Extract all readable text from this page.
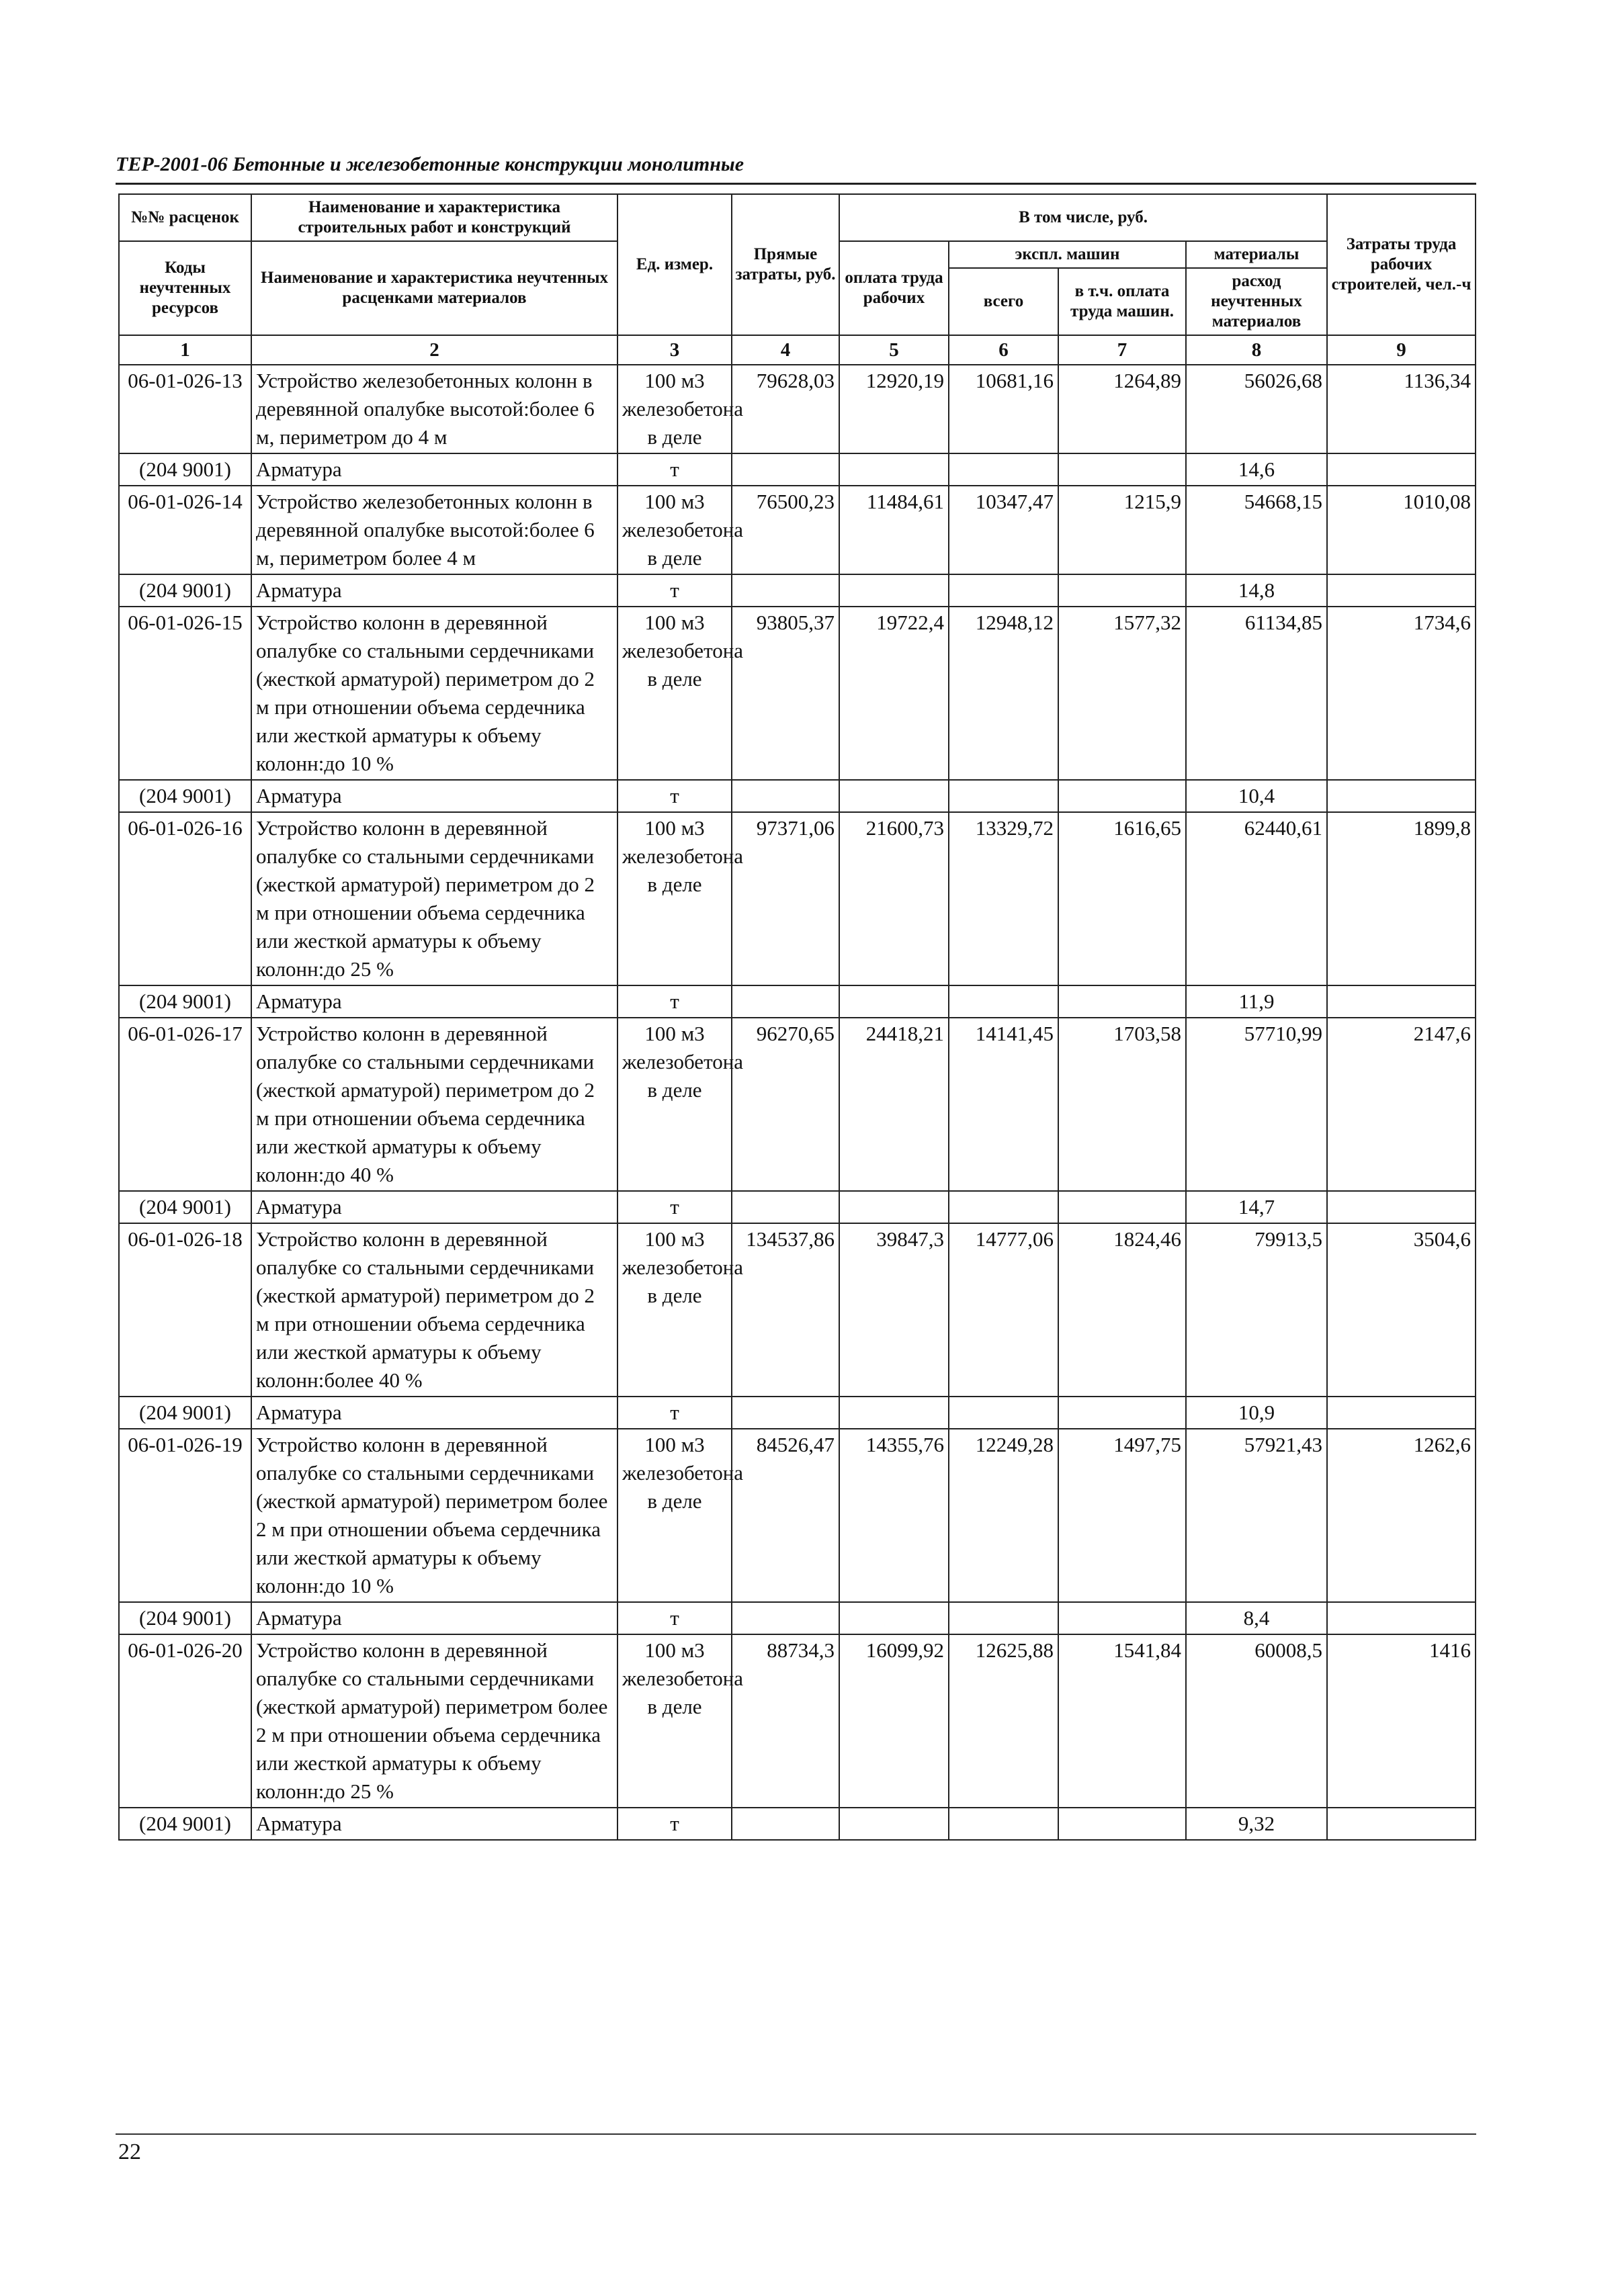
ТЕР-2001-06 Бетонные и железобетонные конструкции монолитные
№№ расценок	Наименование и характеристика строительных работ и конструкций	Ед. измер.	Прямые затраты, руб.	В том числе, руб.				Затраты труда рабочих строителей, чел.-ч
Коды неучтенных ресурсов	Наименование и характеристика неучтенных расценками материалов			оплата труда рабочих	экспл. машин		материалы	
					всего	в т.ч. оплата труда машин.	расход неучтенных материалов	
1	2	3	4	5	6	7	8	9
06-01-026-13	Устройство железобетонных колонн в деревянной опалубке высотой:более 6 м, периметром до 4 м	100 м3 железобетона в деле	79628,03	12920,19	10681,16	1264,89	56026,68	1136,34
(204 9001)	Арматура	т					14,6	
06-01-026-14	Устройство железобетонных колонн в деревянной опалубке высотой:более 6 м, периметром более 4 м	100 м3 железобетона в деле	76500,23	11484,61	10347,47	1215,9	54668,15	1010,08
(204 9001)	Арматура	т					14,8	
06-01-026-15	Устройство колонн в деревянной опалубке со стальными сердечниками (жесткой арматурой) периметром до 2 м при отношении объема сердечника или жесткой арматуры к объему колонн:до 10 %	100 м3 железобетона в деле	93805,37	19722,4	12948,12	1577,32	61134,85	1734,6
(204 9001)	Арматура	т					10,4	
06-01-026-16	Устройство колонн в деревянной опалубке со стальными сердечниками (жесткой арматурой) периметром до 2 м при отношении объема сердечника или жесткой арматуры к объему колонн:до 25 %	100 м3 железобетона в деле	97371,06	21600,73	13329,72	1616,65	62440,61	1899,8
(204 9001)	Арматура	т					11,9	
06-01-026-17	Устройство колонн в деревянной опалубке со стальными сердечниками (жесткой арматурой) периметром до 2 м при отношении объема сердечника или жесткой арматуры к объему колонн:до 40 %	100 м3 железобетона в деле	96270,65	24418,21	14141,45	1703,58	57710,99	2147,6
(204 9001)	Арматура	т					14,7	
06-01-026-18	Устройство колонн в деревянной опалубке со стальными сердечниками (жесткой арматурой) периметром до 2 м при отношении объема сердечника или жесткой арматуры к объему колонн:более 40 %	100 м3 железобетона в деле	134537,86	39847,3	14777,06	1824,46	79913,5	3504,6
(204 9001)	Арматура	т					10,9	
06-01-026-19	Устройство колонн в деревянной опалубке со стальными сердечниками (жесткой арматурой) периметром более 2 м при отношении объема сердечника или жесткой арматуры к объему колонн:до 10 %	100 м3 железобетона в деле	84526,47	14355,76	12249,28	1497,75	57921,43	1262,6
(204 9001)	Арматура	т					8,4	
06-01-026-20	Устройство колонн в деревянной опалубке со стальными сердечниками (жесткой арматурой) периметром более 2 м при отношении объема сердечника или жесткой арматуры к объему колонн:до 25 %	100 м3 железобетона в деле	88734,3	16099,92	12625,88	1541,84	60008,5	1416
(204 9001)	Арматура	т					9,32	
22
